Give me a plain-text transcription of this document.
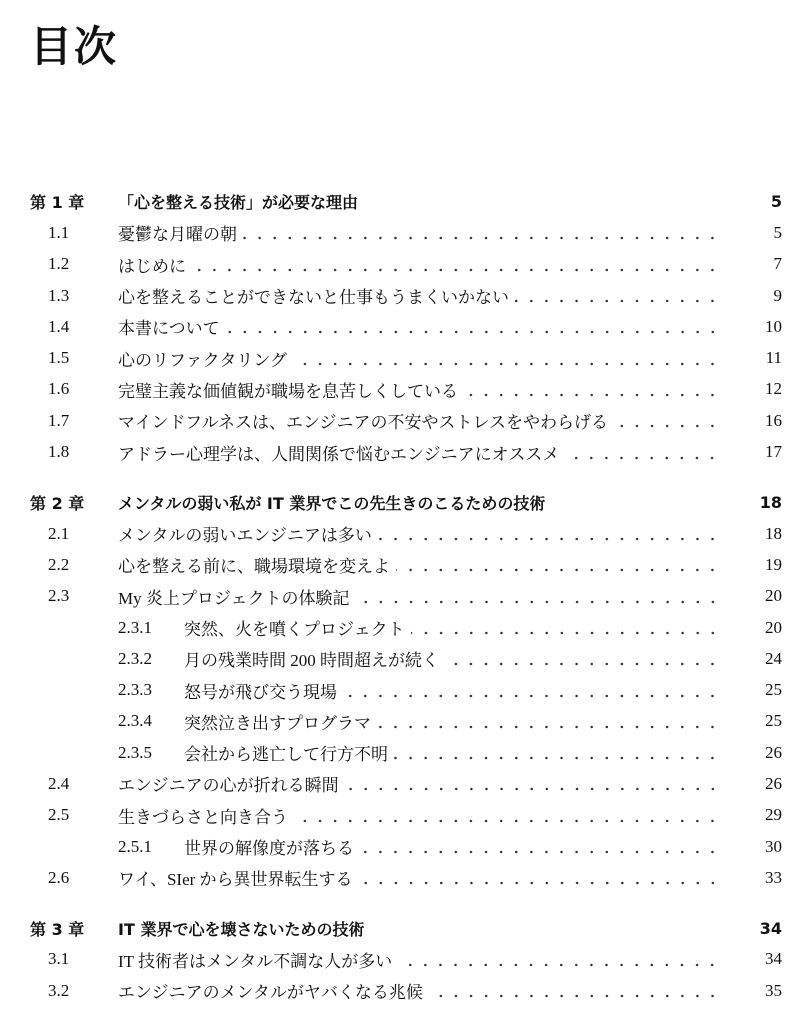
目次
第 1 章	「心を整える技術」が必要な理由	5
1.1	憂鬱な月曜の朝	5
1.2	はじめに	7
1.3	心を整えることができないと仕事もうまくいかない	9
1.4	本書について	10
1.5	心のリファクタリング	11
1.6	完璧主義な価値観が職場を息苦しくしている	12
1.7	マインドフルネスは、エンジニアの不安やストレスをやわらげる	16
1.8	アドラー心理学は、人間関係で悩むエンジニアにオススメ	17
第 2 章	メンタルの弱い私が IT 業界でこの先生きのこるための技術	18
2.1	メンタルの弱いエンジニアは多い	18
2.2	心を整える前に、職場環境を変えよ	19
2.3	My 炎上プロジェクトの体験記	20
2.3.1	突然、火を噴くプロジェクト	20
2.3.2	月の残業時間 200 時間超えが続く	24
2.3.3	怒号が飛び交う現場	25
2.3.4	突然泣き出すプログラマ	25
2.3.5	会社から逃亡して行方不明	26
2.4	エンジニアの心が折れる瞬間	26
2.5	生きづらさと向き合う	29
2.5.1	世界の解像度が落ちる	30
2.6	ワイ、SIer から異世界転生する	33
第 3 章	IT 業界で心を壊さないための技術	34
3.1	IT 技術者はメンタル不調な人が多い	34
3.2	エンジニアのメンタルがヤバくなる兆候	35
